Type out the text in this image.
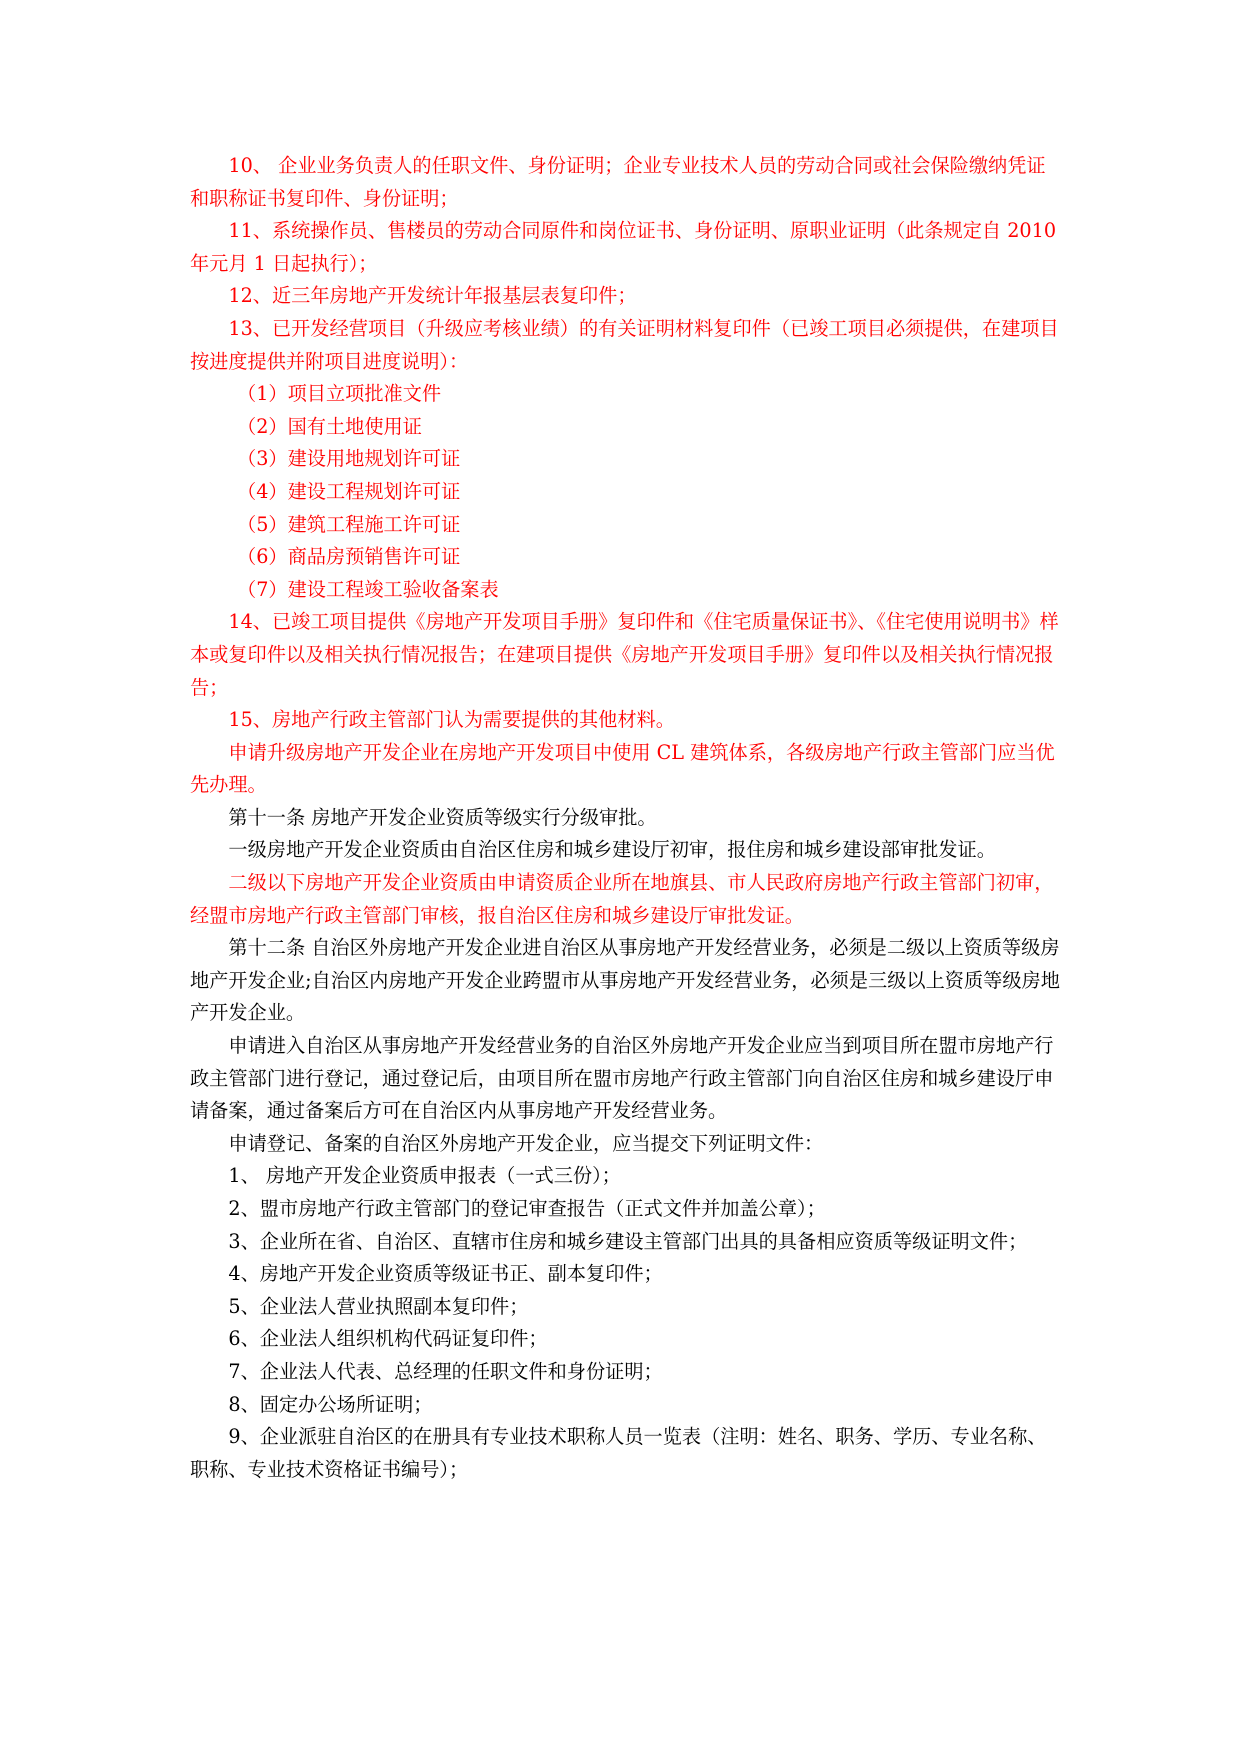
10、 企业业务负责人的任职文件、身份证明；企业专业技术人员的劳动合同或社会保险缴纳凭证和职称证书复印件、身份证明；

11、系统操作员、售楼员的劳动合同原件和岗位证书、身份证明、原职业证明（此条规定自 2010 年元月 1 日起执行）；

12、近三年房地产开发统计年报基层表复印件；

13、已开发经营项目（升级应考核业绩）的有关证明材料复印件（已竣工项目必须提供，在建项目按进度提供并附项目进度说明）：

（1）项目立项批准文件

（2）国有土地使用证

（3）建设用地规划许可证

（4）建设工程规划许可证

（5）建筑工程施工许可证

（6）商品房预销售许可证

（7）建设工程竣工验收备案表

14、已竣工项目提供《房地产开发项目手册》复印件和《住宅质量保证书》、《住宅使用说明书》样本或复印件以及相关执行情况报告；在建项目提供《房地产开发项目手册》复印件以及相关执行情况报告；

15、房地产行政主管部门认为需要提供的其他材料。

申请升级房地产开发企业在房地产开发项目中使用 CL 建筑体系，各级房地产行政主管部门应当优先办理。

第十一条 房地产开发企业资质等级实行分级审批。

一级房地产开发企业资质由自治区住房和城乡建设厅初审，报住房和城乡建设部审批发证。

二级以下房地产开发企业资质由申请资质企业所在地旗县、市人民政府房地产行政主管部门初审，经盟市房地产行政主管部门审核，报自治区住房和城乡建设厅审批发证。

第十二条 自治区外房地产开发企业进自治区从事房地产开发经营业务，必须是二级以上资质等级房地产开发企业;自治区内房地产开发企业跨盟市从事房地产开发经营业务，必须是三级以上资质等级房地产开发企业。

申请进入自治区从事房地产开发经营业务的自治区外房地产开发企业应当到项目所在盟市房地产行政主管部门进行登记，通过登记后，由项目所在盟市房地产行政主管部门向自治区住房和城乡建设厅申请备案，通过备案后方可在自治区内从事房地产开发经营业务。

申请登记、备案的自治区外房地产开发企业，应当提交下列证明文件：

1、 房地产开发企业资质申报表（一式三份）；

2、盟市房地产行政主管部门的登记审查报告（正式文件并加盖公章）；

3、企业所在省、自治区、直辖市住房和城乡建设主管部门出具的具备相应资质等级证明文件；

4、房地产开发企业资质等级证书正、副本复印件；

5、企业法人营业执照副本复印件；

6、企业法人组织机构代码证复印件；

7、企业法人代表、总经理的任职文件和身份证明；

8、固定办公场所证明；

9、企业派驻自治区的在册具有专业技术职称人员一览表（注明：姓名、职务、学历、专业名称、职称、专业技术资格证书编号）；
